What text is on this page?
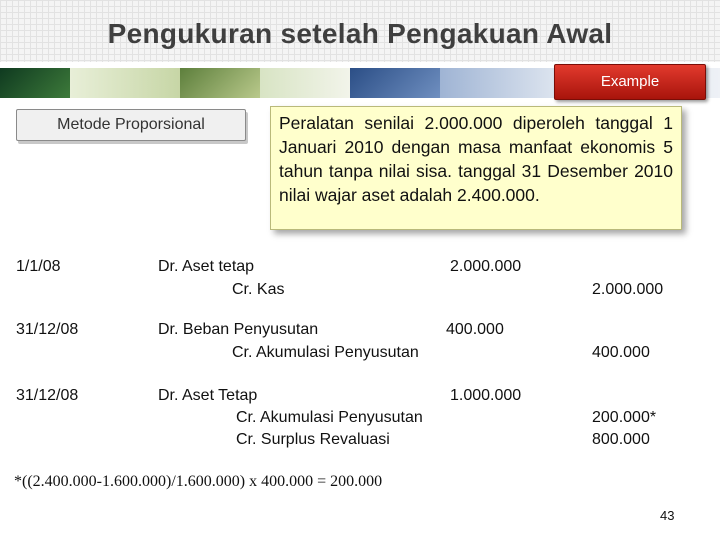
Pengukuran setelah Pengakuan Awal
Example
Metode Proporsional	Peralatan senilai 2.000.000 diperoleh tanggal 1 Januari 2010 dengan masa manfaat ekonomis 5 tahun tanpa nilai sisa. tanggal 31 Desember 2010 nilai wajar aset adalah 2.400.000.
1/1/08	Dr. Aset tetap	2.000.000
Cr. Kas	2.000.000
31/12/08	Dr. Beban Penyusutan	400.000
Cr. Akumulasi Penyusutan	400.000
31/12/08	Dr. Aset Tetap	1.000.000
Cr. Akumulasi Penyusutan	200.000*
Cr. Surplus Revaluasi	800.000
*((2.400.000-1.600.000)/1.600.000) x 400.000 = 200.000
43
